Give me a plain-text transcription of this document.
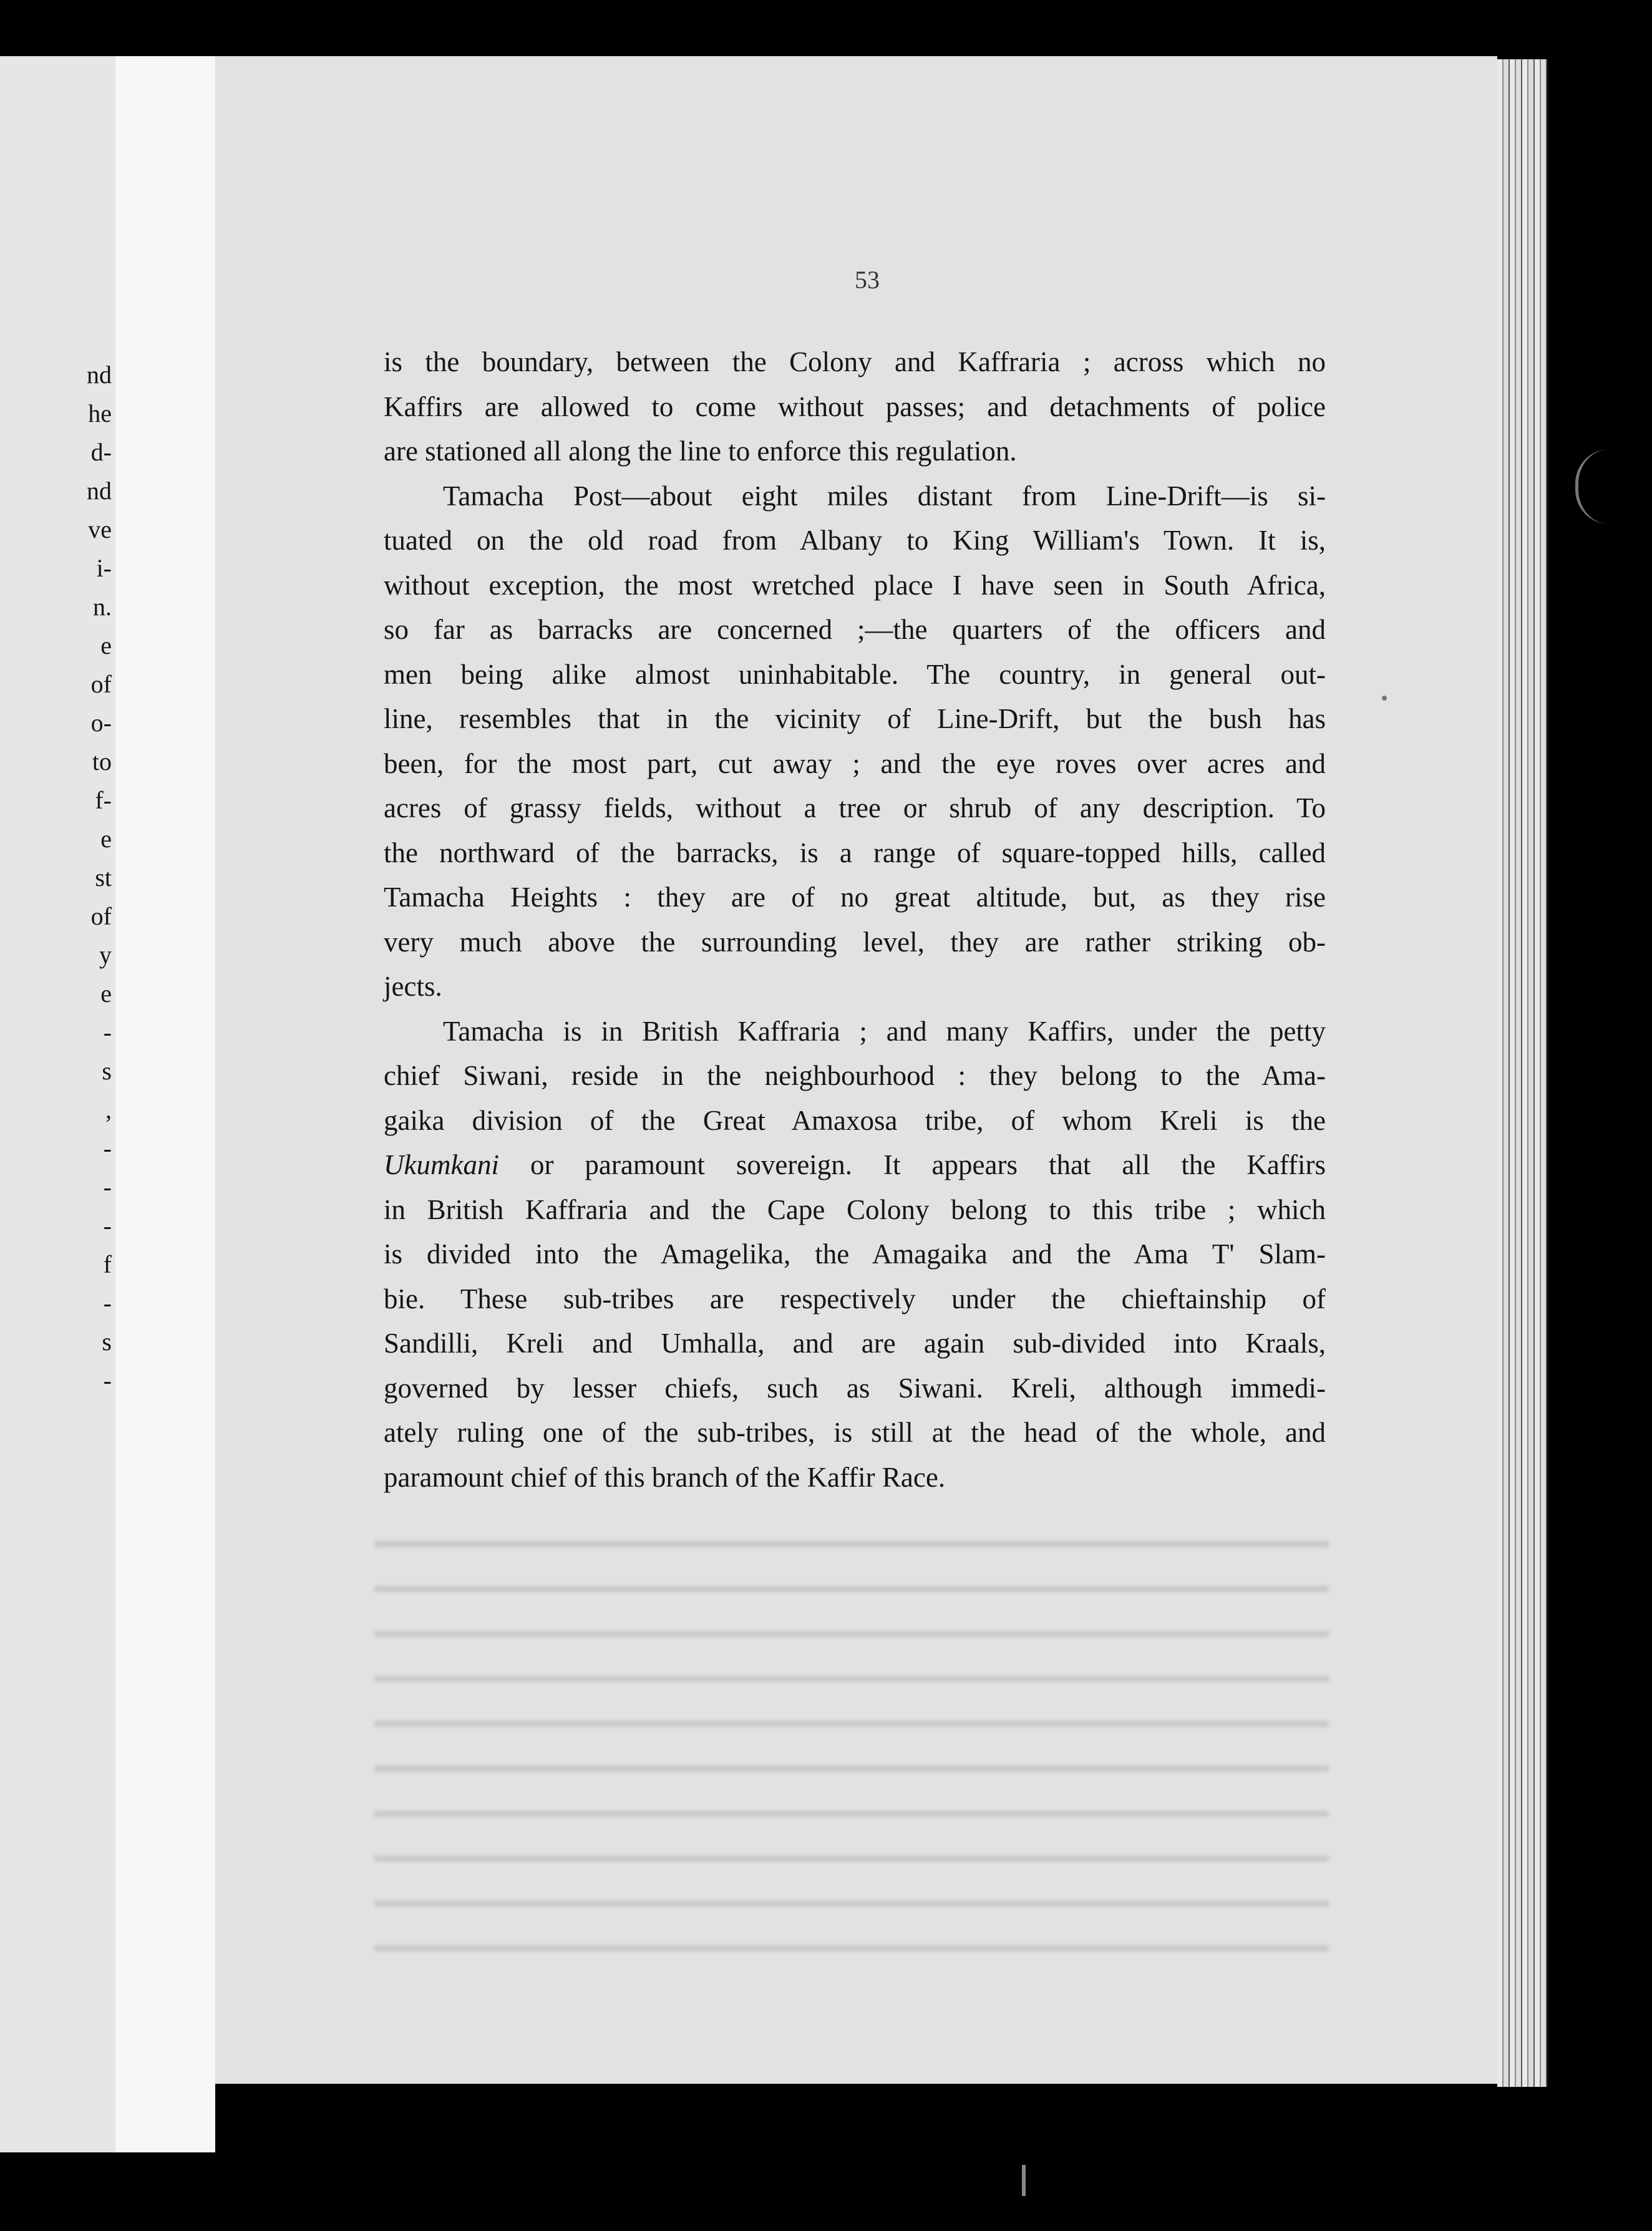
nd
he
d-
nd
ve
i-
n.
e
of
o-
to
f-
e
st
of
y
e
-
s
,
-
-
-
f
-
s
-
53
is the boundary, between the Colony and Kaffraria ; across which no
Kaffirs are allowed to come without passes; and detachments of police
are stationed all along the line to enforce this regulation.
Tamacha Post—about eight miles distant from Line-Drift—is si-
tuated on the old road from Albany to King William's Town. It is,
without exception, the most wretched place I have seen in South Africa,
so far as barracks are concerned ;—the quarters of the officers and
men being alike almost uninhabitable. The country, in general out-
line, resembles that in the vicinity of Line-Drift, but the bush has
been, for the most part, cut away ; and the eye roves over acres and
acres of grassy fields, without a tree or shrub of any description. To
the northward of the barracks, is a range of square-topped hills, called
Tamacha Heights : they are of no great altitude, but, as they rise
very much above the surrounding level, they are rather striking ob-
jects.
Tamacha is in British Kaffraria ; and many Kaffirs, under the petty
chief Siwani, reside in the neighbourhood : they belong to the Ama-
gaika division of the Great Amaxosa tribe, of whom Kreli is the
Ukumkani or paramount sovereign. It appears that all the Kaffirs
in British Kaffraria and the Cape Colony belong to this tribe ; which
is divided into the Amagelika, the Amagaika and the Ama T' Slam-
bie. These sub-tribes are respectively under the chieftainship of
Sandilli, Kreli and Umhalla, and are again sub-divided into Kraals,
governed by lesser chiefs, such as Siwani. Kreli, although immedi-
ately ruling one of the sub-tribes, is still at the head of the whole, and
paramount chief of this branch of the Kaffir Race.
